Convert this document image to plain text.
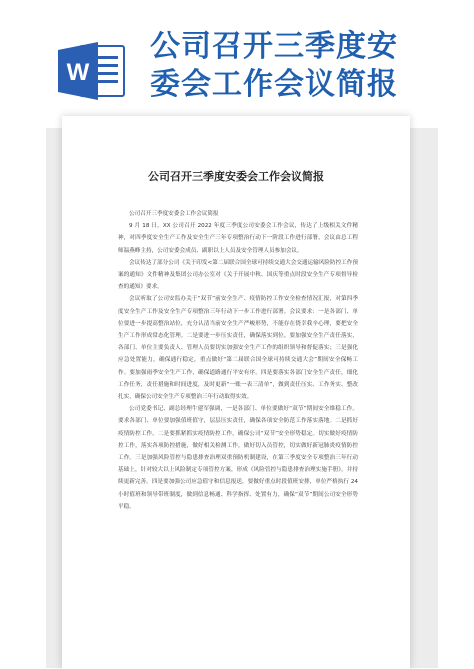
W
公司召开三季度安
委会工作会议简报
公司召开三季度安委会工作会议简报

公司召开三季度安委会工作会议简报

9 月 18 日，XX 公司召开 2022 年度三季度公司安委会工作会议，传达了上级相关文件精神，对四季度安全生产工作及安全生产三年专项整治行动下一阶段工作进行部署，会议由总工程师温燕峰主持，公司安委会成员、副职以上人员及安全管理人员参加会议。

会议传达了部分公司《关于印发<第二届联合国全球可持续交通大会交通运输风险防控工作预案的通知》文件精神及集团公司办公室对《关于开展中秋、国庆等重点时段安全生产专项督导检查的通知》要求。

会议听取了公司安监办关于“双节”前安全生产、疫情防控工作安全检查情况汇报，对第四季度安全生产工作及安全生产专项整治三年行动下一步工作进行部署。会议要求：一是各部门、单位要进一步提高整治站位，充分认清当前安全生产严峻形势，不能存在侥幸我辛心理，要把安全生产工作形成常态化管理。二是要进一步压实责任，确保落实到位。要加强安全生产责任落实，各部门、单位主要负责人、管理人员要切实加强安全生产工作的组织领导和督促落实；三是强化应急处置能力，确保通行稳定，重点做好“第二届联合国全球可持续交通大会”期间安全保畅工作。要加强雨季安全生产工作，确保道路通行平安有序。四是要落实各部门安全生产责任，细化工作任务，责任措施和时间进度，及时更新“一账一表三清单”，做到责任压实、工作务实、整改扎实，确保公司安全生产专项整治三年行动取得实效。

公司党委书记、副总经理牛建军强调，一是各部门、单位要做好“双节”期间安全维稳工作。要求各部门、单位要加强值班值守，层层压实责任，确保各项安全防范工作落实落地。二是抓好疫情防控工作。二是要抓紧抓实疫情防控工作，确保公司“双节”安全形势稳定。切实做好疫情防控工作，落实各项防控措施，做好相关检测工作，做好切入员管控，切实做好新冠肺炎疫情防控工作。三是加强风险管控与隐患排查治理双重预防机制建设，在第三季度安全专项整治三年行动基础上，针对较大以上风险制定专项管控方案，形成《风险管控与隐患排查治理实施手册》，并持续更新完善。四是要加强公司应急值守和信息报送，要做好重点时段值班安排，单位严格执行 24 小时值班和领导带班制度，做到信息畅通、科学指挥、处置有力，确保“双节”期间公司安全形势平稳。
